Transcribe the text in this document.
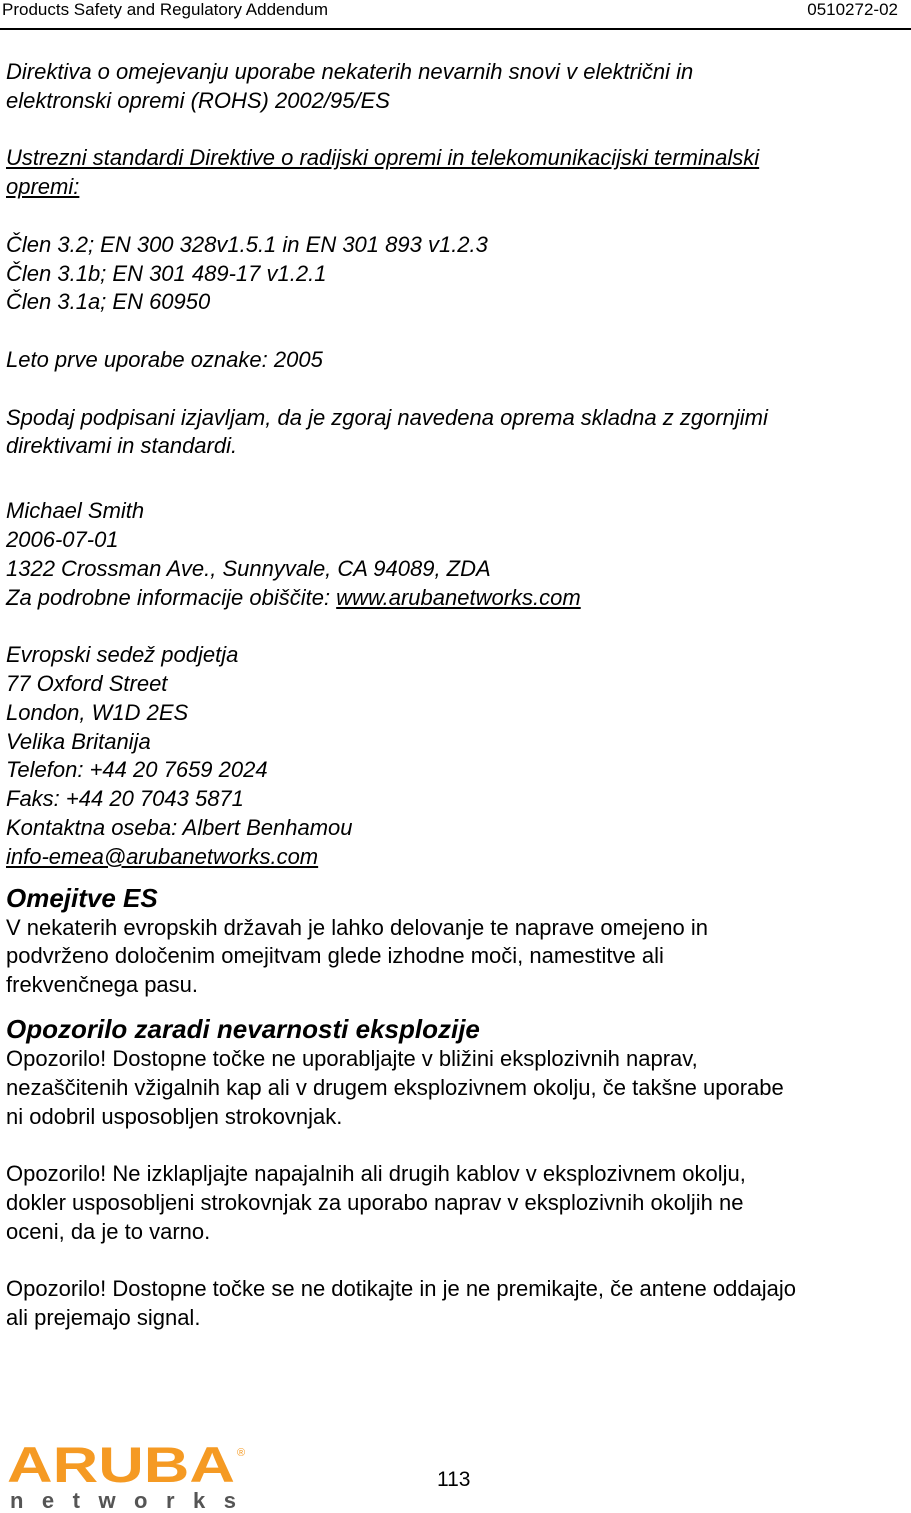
Products Safety and Regulatory Addendum	0510272-02

Direktiva o omejevanju uporabe nekaterih nevarnih snovi v električni in

elektronski opremi (ROHS) 2002/95/ES

Ustrezni standardi Direktive o radijski opremi in telekomunikacijski terminalski

opremi:

Člen 3.2; EN 300 328v1.5.1 in EN 301 893 v1.2.3

Člen 3.1b; EN 301 489-17 v1.2.1

Člen 3.1a; EN 60950

Leto prve uporabe oznake: 2005

Spodaj podpisani izjavljam, da je zgoraj navedena oprema skladna z zgornjimi

direktivami in standardi.

Michael Smith

2006-07-01

1322 Crossman Ave., Sunnyvale, CA 94089, ZDA

Za podrobne informacije obiščite: www.arubanetworks.com

Evropski sedež podjetja

77 Oxford Street

London, W1D 2ES

Velika Britanija

Telefon: +44 20 7659 2024

Faks: +44 20 7043 5871

Kontaktna oseba: Albert Benhamou

info-emea@arubanetworks.com

Omejitve ES

V nekaterih evropskih državah je lahko delovanje te naprave omejeno in

podvrženo določenim omejitvam glede izhodne moči, namestitve ali

frekvenčnega pasu.

Opozorilo zaradi nevarnosti eksplozije

Opozorilo! Dostopne točke ne uporabljajte v bližini eksplozivnih naprav,

nezaščitenih vžigalnih kap ali v drugem eksplozivnem okolju, če takšne uporabe

ni odobril usposobljen strokovnjak.

Opozorilo! Ne izklapljajte napajalnih ali drugih kablov v eksplozivnem okolju,

dokler usposobljeni strokovnjak za uporabo naprav v eksplozivnih okoljih ne

oceni, da je to varno.

Opozorilo! Dostopne točke se ne dotikajte in je ne premikajte, če antene oddajajo

ali prejemajo signal.

ARUBA ®
networks
113
